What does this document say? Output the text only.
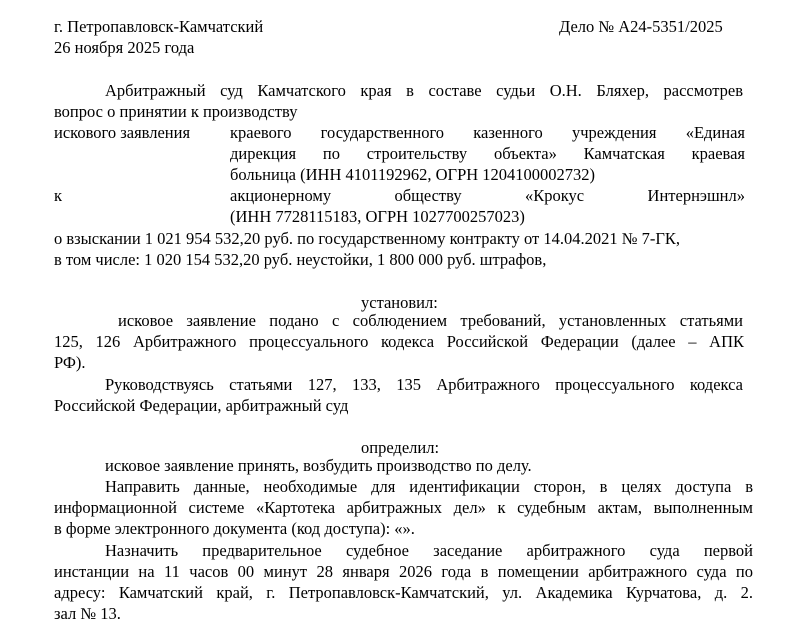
г. Петропавловск-Камчатский	Дело № А24-5351/2025

26 ноября 2025 года

Арбитражный суд Камчатского края в составе судьи О.Н. Бляхер, рассмотрев

вопрос о принятии к производству

искового заявления краевого государственного казенного учреждения «Единая

дирекция по строительству объекта» Камчатская краевая

больница (ИНН 4101192962, ОГРН 1204100002732)

к	акционерному обществу «Крокус Интернэшнл»

(ИНН 7728115183, ОГРН 1027700257023)

о взыскании 1 021 954 532,20 руб. по государственному контракту от 14.04.2021 № 7-ГК,

в том числе: 1 020 154 532,20 руб. неустойки, 1 800 000 руб. штрафов,

установил:

исковое заявление подано с соблюдением требований, установленных статьями

125, 126 Арбитражного процессуального кодекса Российской Федерации (далее – АПК

РФ).

Руководствуясь статьями 127, 133, 135 Арбитражного процессуального кодекса

Российской Федерации, арбитражный суд

определил:

исковое заявление принять, возбудить производство по делу.

Направить данные, необходимые для идентификации сторон, в целях доступа в

информационной системе «Картотека арбитражных дел» к судебным актам, выполненным

в форме электронного документа (код доступа): «».

Назначить предварительное судебное заседание арбитражного суда первой

инстанции на 11 часов 00 минут 28 января 2026 года в помещении арбитражного суда по

адресу: Камчатский край, г. Петропавловск-Камчатский, ул. Академика Курчатова, д. 2.

зал № 13.
